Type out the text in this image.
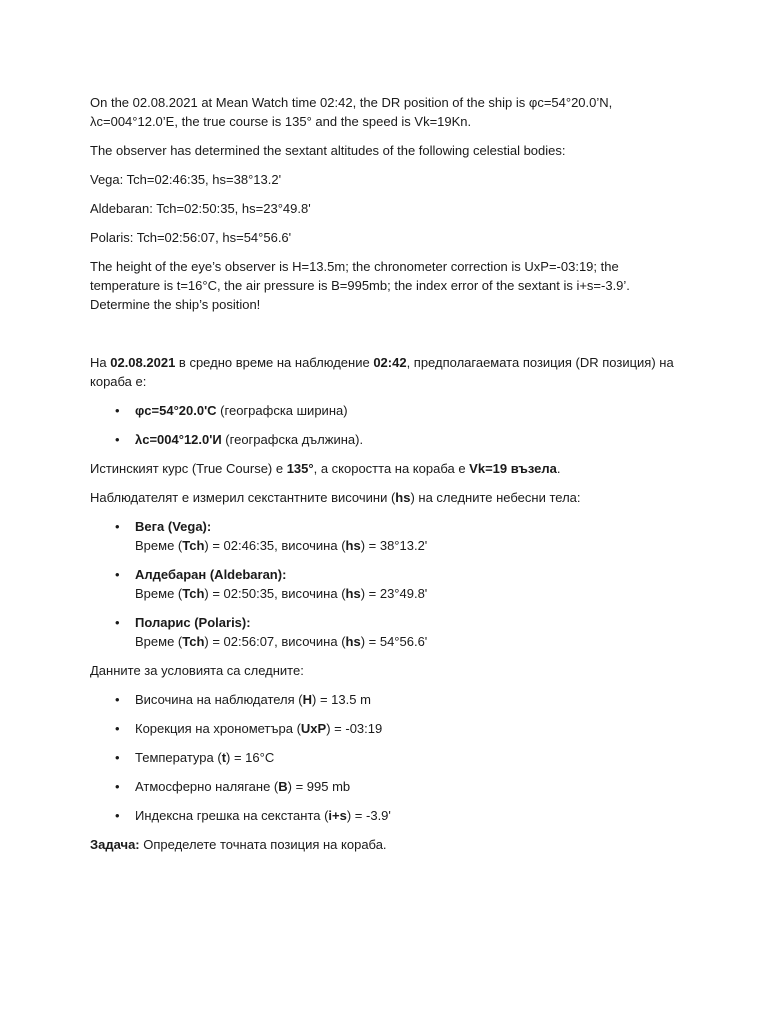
On the 02.08.2021 at Mean Watch time 02:42, the DR position of the ship is φc=54°20.0’N,
λc=004°12.0’E, the true course is 135° and the speed is Vk=19Kn.

The observer has determined the sextant altitudes of the following celestial bodies:

Vega: Tch=02:46:35, hs=38°13.2'

Aldebaran: Tch=02:50:35, hs=23°49.8'

Polaris: Tch=02:56:07, hs=54°56.6'

The height of the eye’s observer is H=13.5m; the chronometer correction is UxP=-03:19; the
temperature is t=16°C, the air pressure is B=995mb; the index error of the sextant is i+s=-3.9’.
Determine the ship’s position!

На 02.08.2021 в средно време на наблюдение 02:42, предполагаемата позиция (DR позиция) на
кораба е:

• φс=54°20.0'С (географска ширина)
• λс=004°12.0'И (географска дължина).

Истинският курс (True Course) е 135°, а скоростта на кораба е Vk=19 възела.

Наблюдателят е измерил секстантните височини (hs) на следните небесни тела:

• Вега (Vega):
Време (Tch) = 02:46:35, височина (hs) = 38°13.2'
• Алдебаран (Aldebaran):
Време (Tch) = 02:50:35, височина (hs) = 23°49.8'
• Поларис (Polaris):
Време (Tch) = 02:56:07, височина (hs) = 54°56.6'

Данните за условията са следните:

• Височина на наблюдателя (H) = 13.5 m
• Корекция на хронометъра (UxP) = -03:19
• Температура (t) = 16°C
• Атмосферно налягане (B) = 995 mb
• Индексна грешка на секстанта (i+s) = -3.9'

Задача: Определете точната позиция на кораба.
